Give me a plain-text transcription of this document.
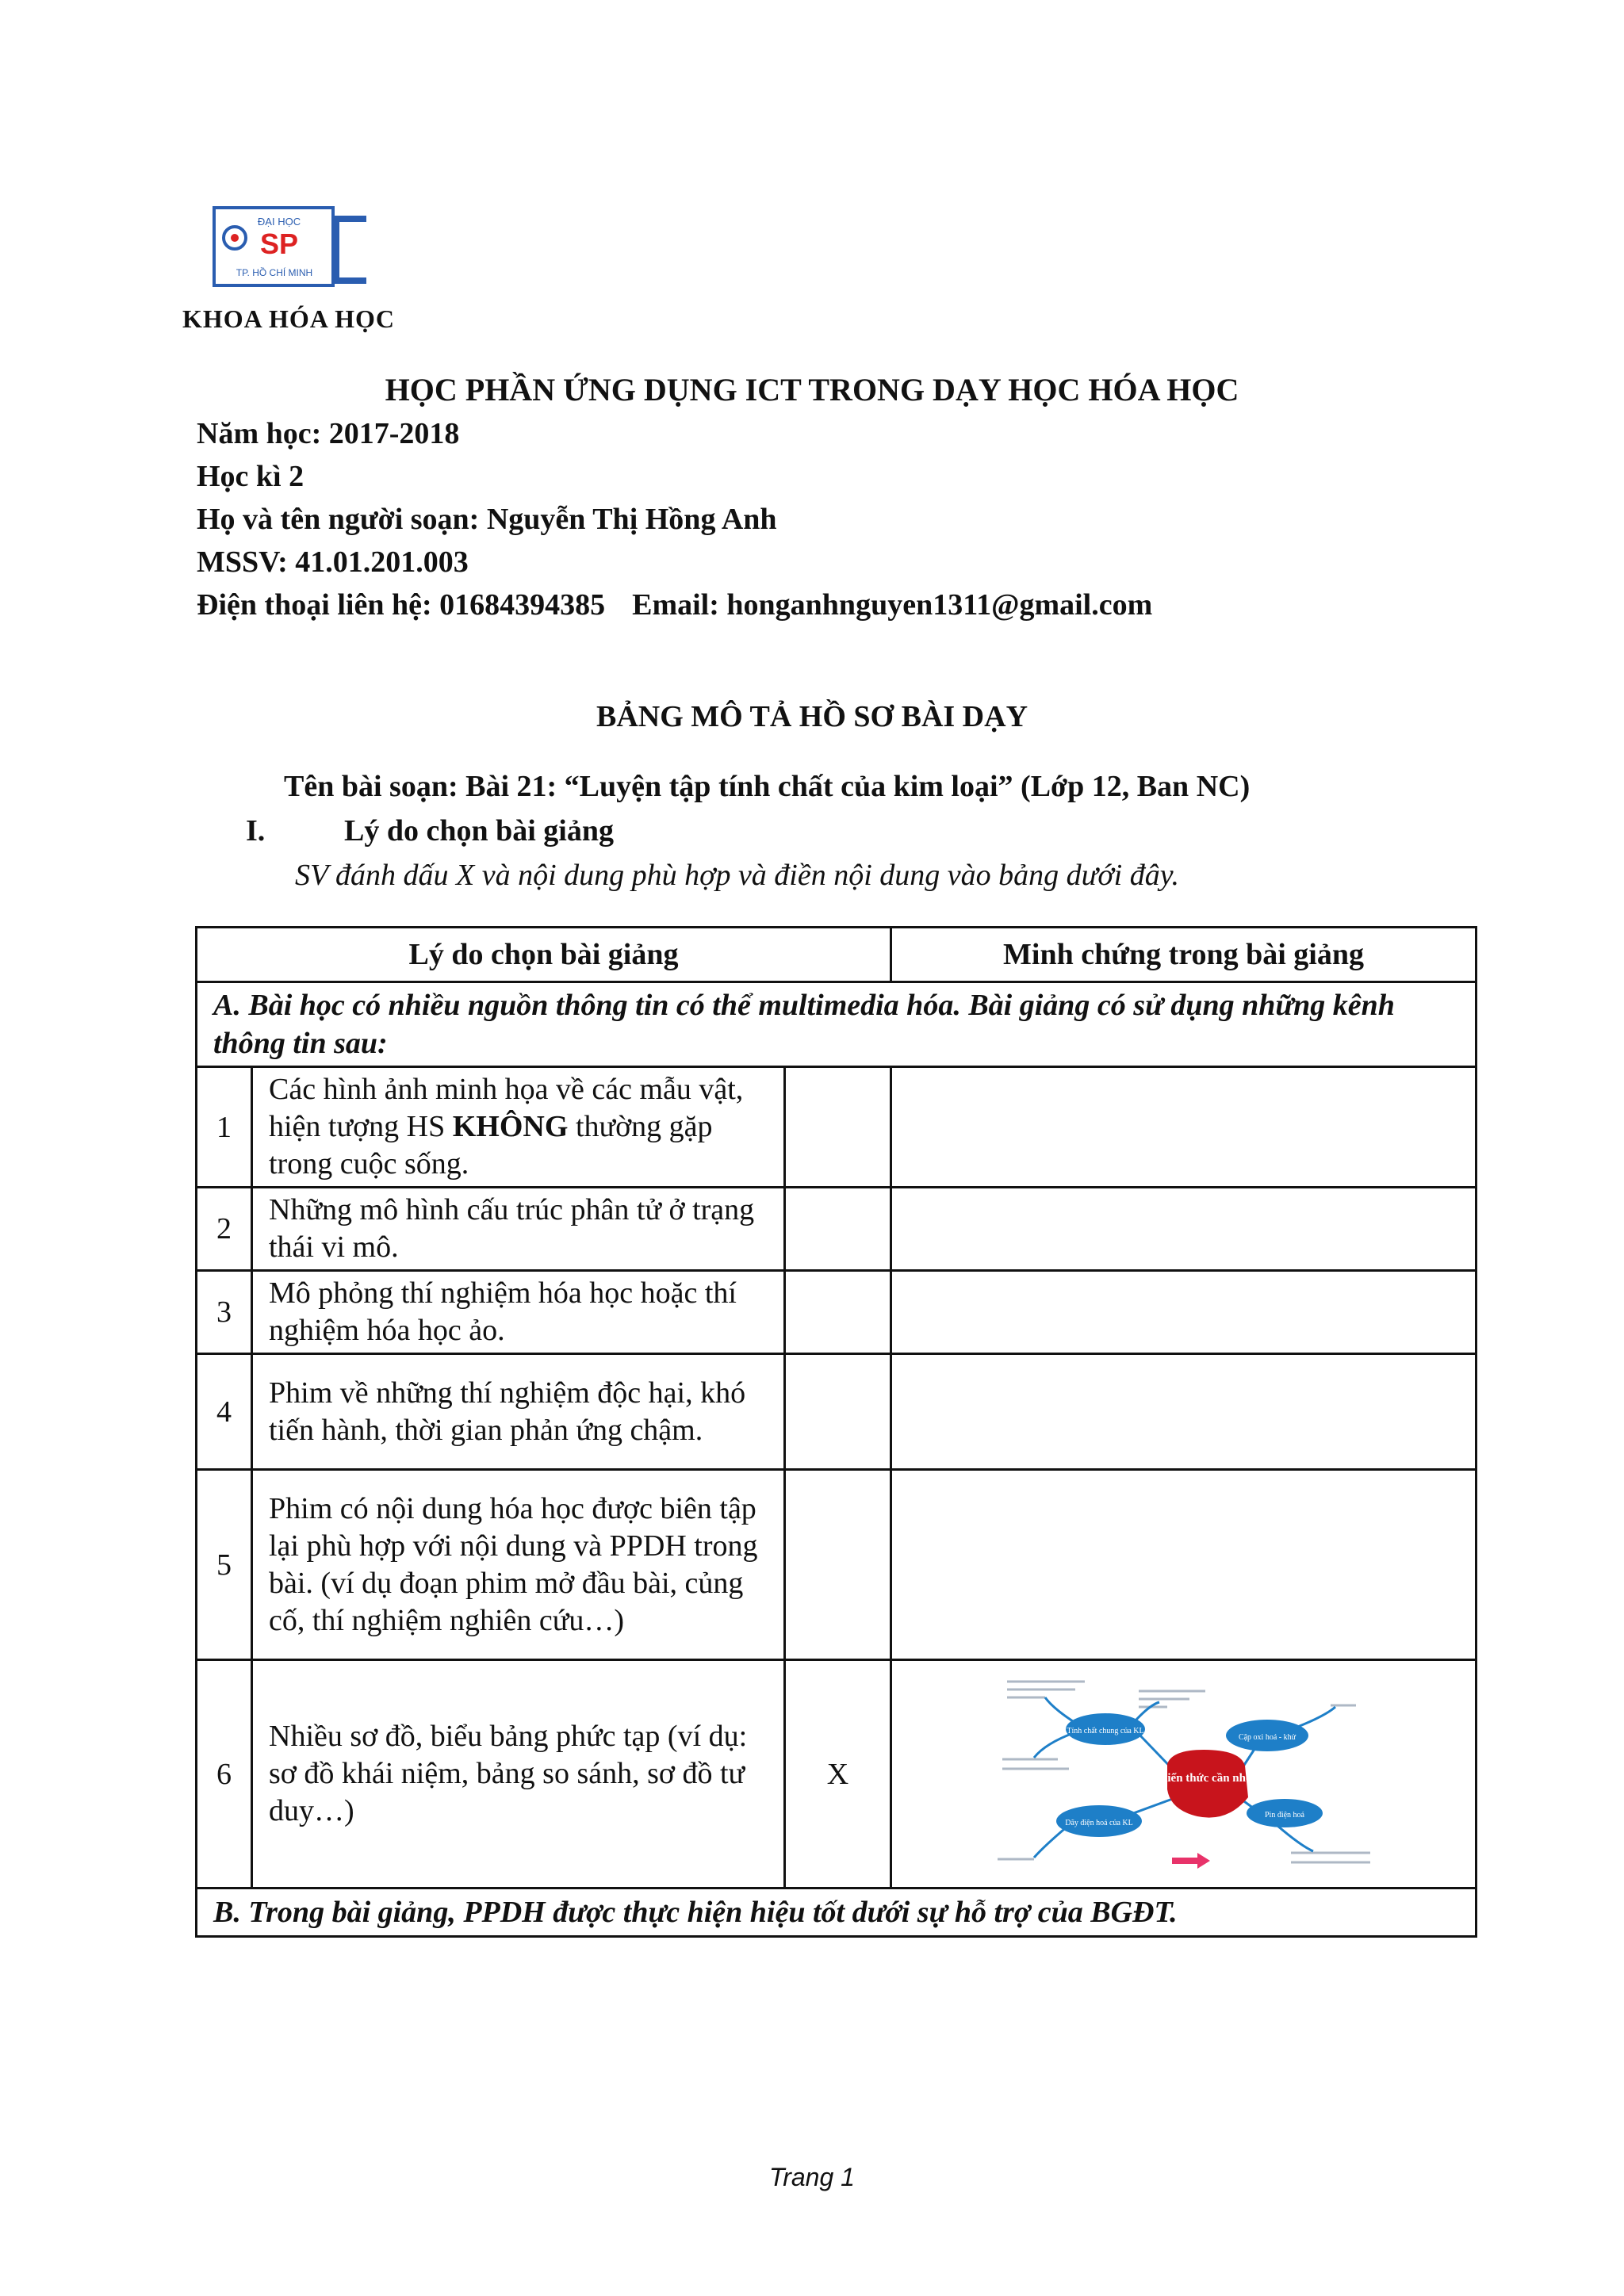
ĐẠI HỌC
SP
TP. HỒ CHÍ MINH
KHOA HÓA HỌC
HỌC PHẦN ỨNG DỤNG ICT TRONG DẠY HỌC HÓA HỌC
Năm học: 2017-2018
Học kì 2
Họ và tên người soạn: Nguyễn Thị Hồng Anh
MSSV: 41.01.201.003
Điện thoại liên hệ: 01684394385 Email: honganhnguyen1311@gmail.com
BẢNG MÔ TẢ HỒ SƠ BÀI DẠY
Tên bài soạn: Bài 21: “Luyện tập tính chất của kim loại” (Lớp 12, Ban NC)
I.	Lý do chọn bài giảng
SV đánh dấu X và nội dung phù hợp và điền nội dung vào bảng dưới đây.
Lý do chọn bài giảng			Minh chứng trong bài giảng
A. Bài học có nhiều nguồn thông tin có thể multimedia hóa. Bài giảng có sử dụng những kênh thông tin sau:			
1	Các hình ảnh minh họa về các mẫu vật, hiện tượng HS KHÔNG thường gặp trong cuộc sống.		
2	Những mô hình cấu trúc phân tử ở trạng thái vi mô.		
3	Mô phỏng thí nghiệm hóa học hoặc thí nghiệm hóa học ảo.		
4	Phim về những thí nghiệm độc hại, khó tiến hành, thời gian phản ứng chậm.		
5	Phim có nội dung hóa học được biên tập lại phù hợp với nội dung và PPDH trong bài. (ví dụ đoạn phim mở đầu bài, củng cố, thí nghiệm nghiên cứu…)		
6	Nhiều sơ đồ, biểu bảng phức tạp (ví dụ: sơ đồ khái niệm, bảng so sánh, sơ đồ tư duy…)	X	Kiến thức cần nhớ
Tính chất chung của KL
Cặp oxi hoá - khử
Dãy điện hoá của KL
Pin điện hoá

B. Trong bài giảng, PPDH được thực hiện hiệu tốt dưới sự hỗ trợ của BGĐT.			
Trang 1
